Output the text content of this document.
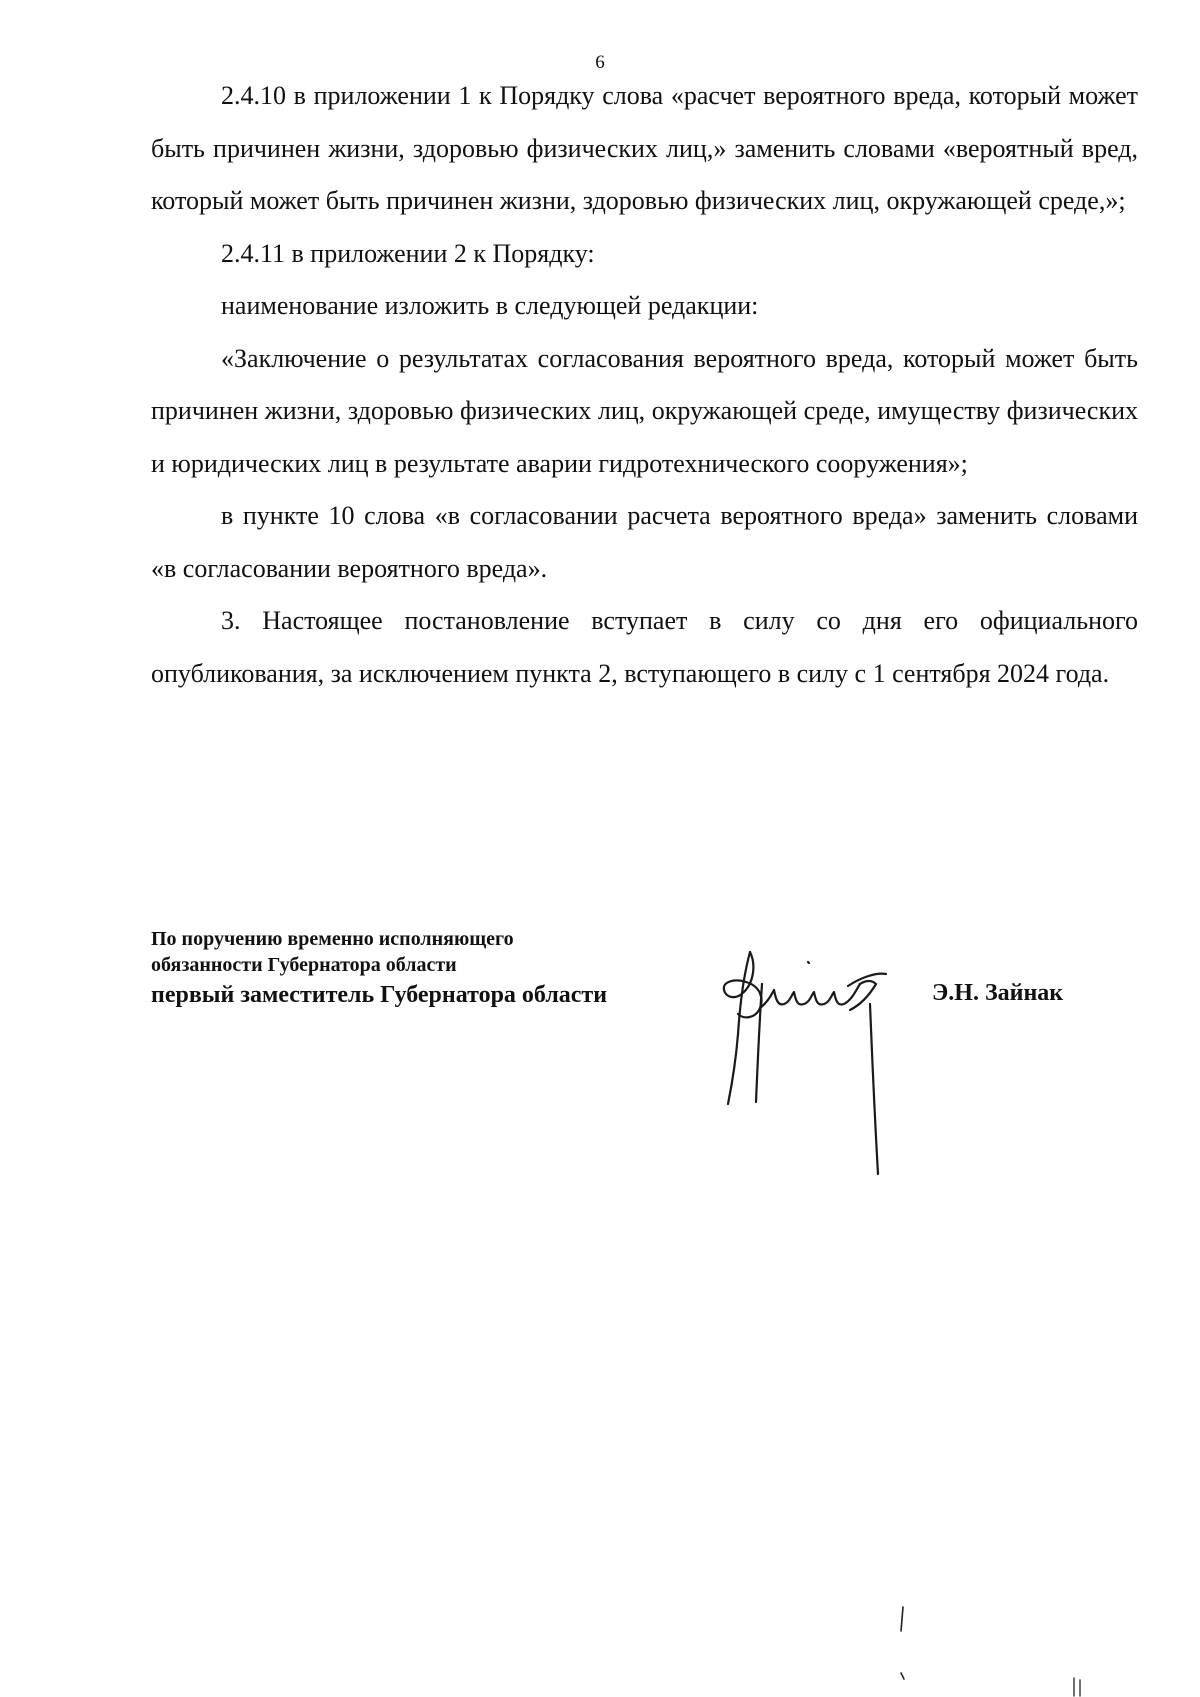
6

2.4.10 в приложении 1 к Порядку слова «расчет вероятного вреда, который может быть причинен жизни, здоровью физических лиц,» заменить словами «вероятный вред, который может быть причинен жизни, здоровью физических лиц, окружающей среде,»;

2.4.11 в приложении 2 к Порядку:

наименование изложить в следующей редакции:

«Заключение о результатах согласования вероятного вреда, который может быть причинен жизни, здоровью физических лиц, окружающей среде, имуществу физических и юридических лиц в результате аварии гидротехнического сооружения»;

в пункте 10 слова «в согласовании расчета вероятного вреда» заменить словами «в согласовании вероятного вреда».

3. Настоящее постановление вступает в силу со дня его официального опубликования, за исключением пункта 2, вступающего в силу с 1 сентября 2024 года.

По поручению временно исполняющего
обязанности Губернатора области
первый заместитель Губернатора области	Э.Н. Зайнак
